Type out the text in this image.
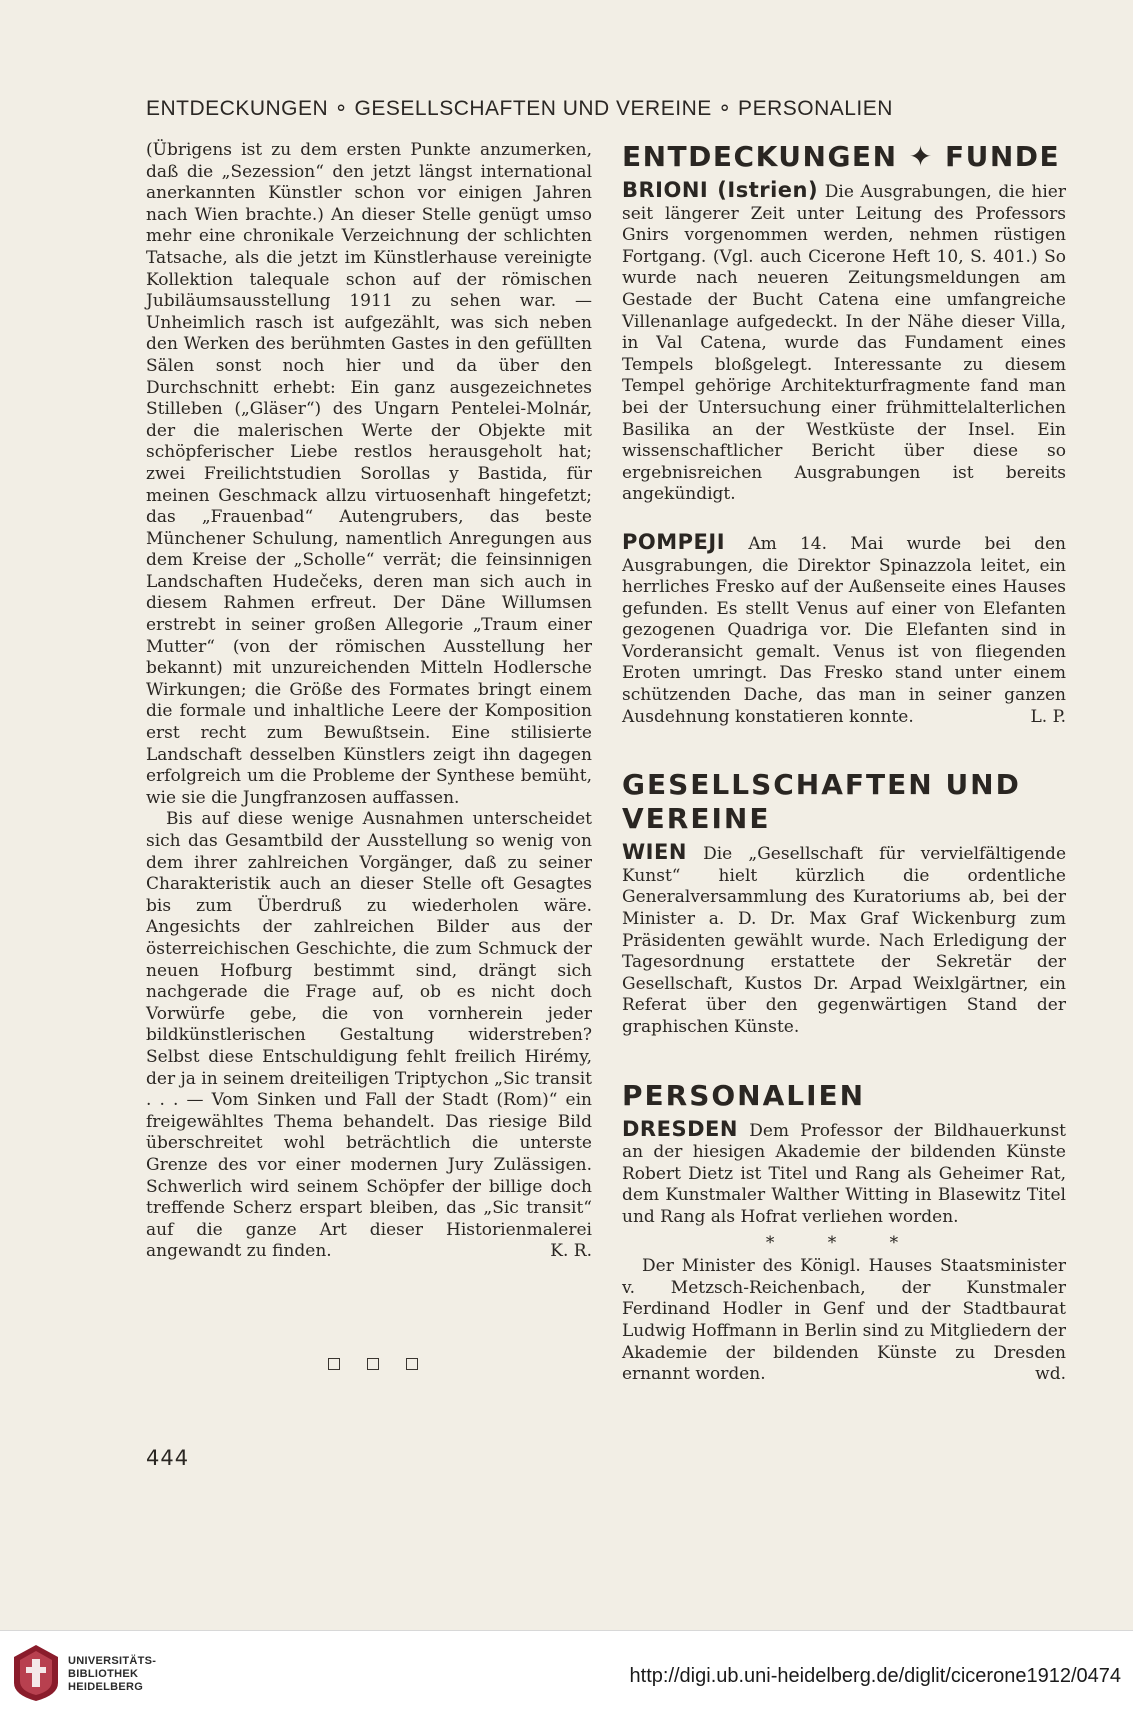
ENTDECKUNGEN ∘ GESELLSCHAFTEN UND VEREINE ∘ PERSONALIEN

(Übrigens ist zu dem ersten Punkte anzumerken, daß die „Sezession“ den jetzt längst international anerkannten Künstler schon vor einigen Jahren nach Wien brachte.) An dieser Stelle genügt umso mehr eine chronikale Verzeichnung der schlichten Tatsache, als die jetzt im Künstlerhause vereinigte Kollektion talequale schon auf der römischen Jubiläumsausstellung 1911 zu sehen war. — Unheimlich rasch ist aufgezählt, was sich neben den Werken des berühmten Gastes in den gefüllten Sälen sonst noch hier und da über den Durchschnitt erhebt: Ein ganz ausgezeichnetes Stilleben („Gläser“) des Ungarn Pentelei-Molnár, der die malerischen Werte der Objekte mit schöpferischer Liebe restlos herausgeholt hat; zwei Freilichtstudien Sorollas y Bastida, für meinen Geschmack allzu virtuosenhaft hingefetzt; das „Frauenbad“ Autengrubers, das beste Münchener Schulung, namentlich Anregungen aus dem Kreise der „Scholle“ verrät; die feinsinnigen Landschaften Hudečeks, deren man sich auch in diesem Rahmen erfreut. Der Däne Willumsen erstrebt in seiner großen Allegorie „Traum einer Mutter“ (von der römischen Ausstellung her bekannt) mit unzureichenden Mitteln Hodlersche Wirkungen; die Größe des Formates bringt einem die formale und inhaltliche Leere der Komposition erst recht zum Bewußtsein. Eine stilisierte Landschaft desselben Künstlers zeigt ihn dagegen erfolgreich um die Probleme der Synthese bemüht, wie sie die Jungfranzosen auffassen.

Bis auf diese wenige Ausnahmen unterscheidet sich das Gesamtbild der Ausstellung so wenig von dem ihrer zahlreichen Vorgänger, daß zu seiner Charakteristik auch an dieser Stelle oft Gesagtes bis zum Überdruß zu wiederholen wäre. Angesichts der zahlreichen Bilder aus der österreichischen Geschichte, die zum Schmuck der neuen Hofburg bestimmt sind, drängt sich nachgerade die Frage auf, ob es nicht doch Vorwürfe gebe, die von vornherein jeder bildkünstlerischen Gestaltung widerstreben? Selbst diese Entschuldigung fehlt freilich Hirémy, der ja in seinem dreiteiligen Triptychon „Sic transit . . . — Vom Sinken und Fall der Stadt (Rom)“ ein freigewähltes Thema behandelt. Das riesige Bild überschreitet wohl beträchtlich die unterste Grenze des vor einer modernen Jury Zulässigen. Schwerlich wird seinem Schöpfer der billige doch treffende Scherz erspart bleiben, das „Sic transit“ auf die ganze Art dieser Historienmalerei angewandt zu finden.	K. R.

ENTDECKUNGEN ✦ FUNDE

BRIONI (Istrien) Die Ausgrabungen, die hier seit längerer Zeit unter Leitung des Professors Gnirs vorgenommen werden, nehmen rüstigen Fortgang. (Vgl. auch Cicerone Heft 10, S. 401.) So wurde nach neueren Zeitungsmeldungen am Gestade der Bucht Catena eine umfangreiche Villenanlage aufgedeckt. In der Nähe dieser Villa, in Val Catena, wurde das Fundament eines Tempels bloßgelegt. Interessante zu diesem Tempel gehörige Architekturfragmente fand man bei der Untersuchung einer frühmittelalterlichen Basilika an der Westküste der Insel. Ein wissenschaftlicher Bericht über diese so ergebnisreichen Ausgrabungen ist bereits angekündigt.

POMPEJI Am 14. Mai wurde bei den Ausgrabungen, die Direktor Spinazzola leitet, ein herrliches Fresko auf der Außenseite eines Hauses gefunden. Es stellt Venus auf einer von Elefanten gezogenen Quadriga vor. Die Elefanten sind in Vorderansicht gemalt. Venus ist von fliegenden Eroten umringt. Das Fresko stand unter einem schützenden Dache, das man in seiner ganzen Ausdehnung konstatieren konnte.	L. P.

GESELLSCHAFTEN UND VEREINE

WIEN Die „Gesellschaft für vervielfältigende Kunst“ hielt kürzlich die ordentliche Generalversammlung des Kuratoriums ab, bei der Minister a. D. Dr. Max Graf Wickenburg zum Präsidenten gewählt wurde. Nach Erledigung der Tagesordnung erstattete der Sekretär der Gesellschaft, Kustos Dr. Arpad Weixlgärtner, ein Referat über den gegenwärtigen Stand der graphischen Künste.

PERSONALIEN

DRESDEN Dem Professor der Bildhauerkunst an der hiesigen Akademie der bildenden Künste Robert Dietz ist Titel und Rang als Geheimer Rat, dem Kunstmaler Walther Witting in Blasewitz Titel und Rang als Hofrat verliehen worden.

* * *

Der Minister des Königl. Hauses Staatsminister v. Metzsch-Reichenbach, der Kunstmaler Ferdinand Hodler in Genf und der Stadtbaurat Ludwig Hoffmann in Berlin sind zu Mitgliedern der Akademie der bildenden Künste zu Dresden ernannt worden.	wd.

444
UNIVERSITÄTS-
BIBLIOTHEK
HEIDELBERG	http://digi.ub.uni-heidelberg.de/diglit/cicerone1912/0474
